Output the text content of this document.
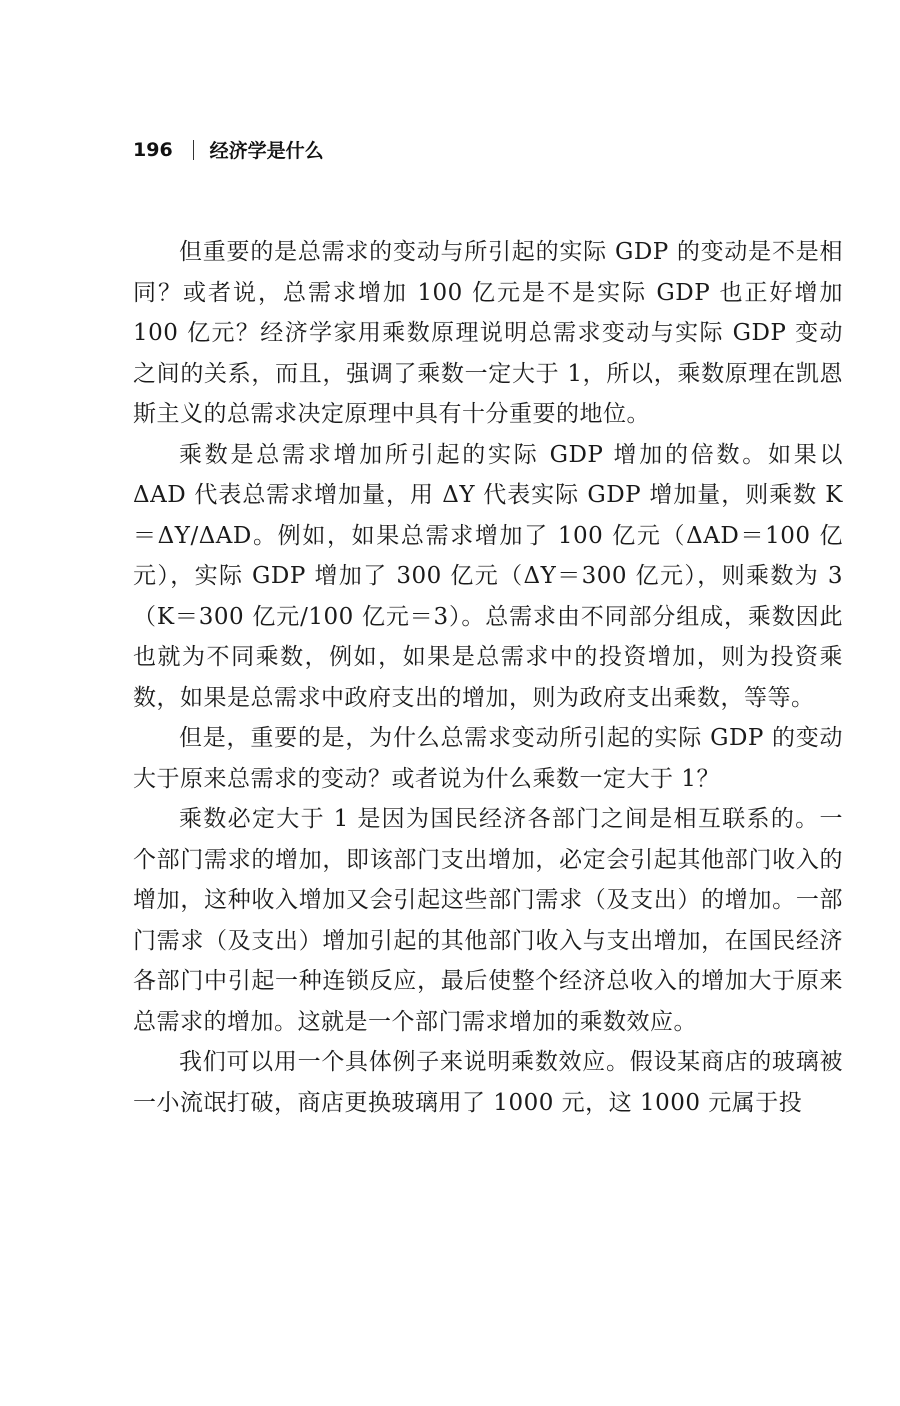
196 经济学是什么

但重要的是总需求的变动与所引起的实际 GDP 的变动是不是相同？或者说，总需求增加 100 亿元是不是实际 GDP 也正好增加 100 亿元？经济学家用乘数原理说明总需求变动与实际 GDP 变动之间的关系，而且，强调了乘数一定大于 1，所以，乘数原理在凯恩斯主义的总需求决定原理中具有十分重要的地位。

乘数是总需求增加所引起的实际 GDP 增加的倍数。如果以 ΔAD 代表总需求增加量，用 ΔY 代表实际 GDP 增加量，则乘数 K ＝ΔY/ΔAD。例如，如果总需求增加了 100 亿元（ΔAD＝100 亿元），实际 GDP 增加了 300 亿元（ΔY＝300 亿元），则乘数为 3（K＝300 亿元/100 亿元＝3）。总需求由不同部分组成，乘数因此也就为不同乘数，例如，如果是总需求中的投资增加，则为投资乘数，如果是总需求中政府支出的增加，则为政府支出乘数，等等。

但是，重要的是，为什么总需求变动所引起的实际 GDP 的变动大于原来总需求的变动？或者说为什么乘数一定大于 1？

乘数必定大于 1 是因为国民经济各部门之间是相互联系的。一个部门需求的增加，即该部门支出增加，必定会引起其他部门收入的增加，这种收入增加又会引起这些部门需求（及支出）的增加。一部门需求（及支出）增加引起的其他部门收入与支出增加，在国民经济各部门中引起一种连锁反应，最后使整个经济总收入的增加大于原来总需求的增加。这就是一个部门需求增加的乘数效应。

我们可以用一个具体例子来说明乘数效应。假设某商店的玻璃被一小流氓打破，商店更换玻璃用了 1000 元，这 1000 元属于投
